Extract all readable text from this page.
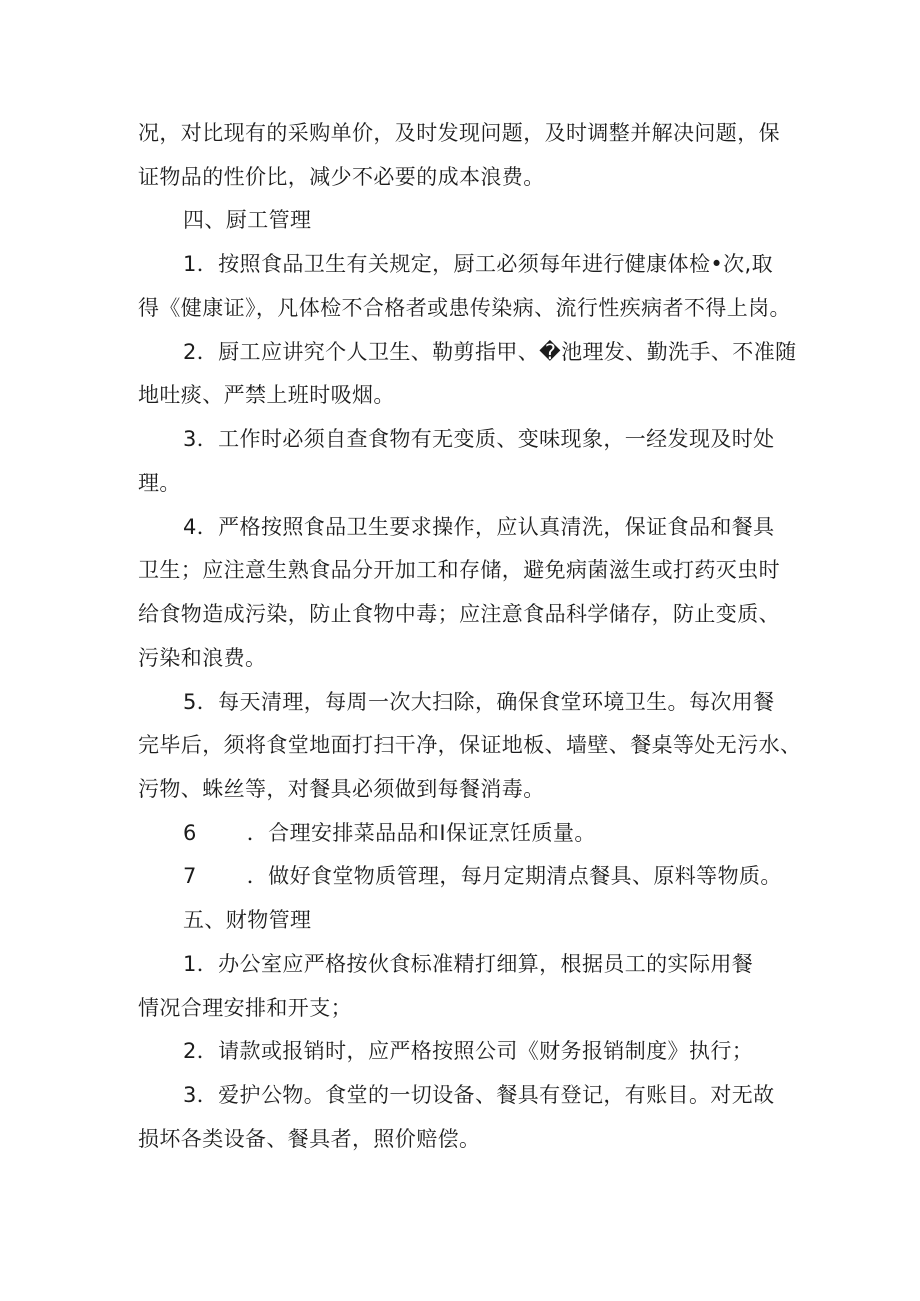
况，对比现有的采购单价，及时发现问题，及时调整并解决问题，保

证物品的性价比，减少不必要的成本浪费。

四、厨工管理

1．按照食品卫生有关规定，厨工必须每年进行健康体检•次,取

得《健康证》，凡体检不合格者或患传染病、流行性疾病者不得上岗。

2．厨工应讲究个人卫生、勒剪指甲、�池理发、勤洗手、不准随

地吐痰、严禁上班时吸烟。

3．工作时必须自查食物有无变质、变味现象，一经发现及时处

理。

4．严格按照食品卫生要求操作，应认真清洗，保证食品和餐具

卫生；应注意生熟食品分开加工和存储，避免病菌滋生或打药灭虫时

给食物造成污染，防止食物中毒；应注意食品科学储存，防止变质、

污染和浪费。

5．每天清理，每周一次大扫除，确保食堂环境卫生。每次用餐

完毕后，须将食堂地面打扫干净，保证地板、墙壁、餐桌等处无污水、

污物、蛛丝等，对餐具必须做到每餐消毒。

6 ．合理安排菜品品和I保证烹饪质量。

7 ．做好食堂物质管理，每月定期清点餐具、原料等物质。

五、财物管理

1．办公室应严格按伙食标准精打细算，根据员工的实际用餐

情况合理安排和开支；

2．请款或报销时，应严格按照公司《财务报销制度》执行；

3．爱护公物。食堂的一切设备、餐具有登记，有账目。对无故

损坏各类设备、餐具者，照价赔偿。
